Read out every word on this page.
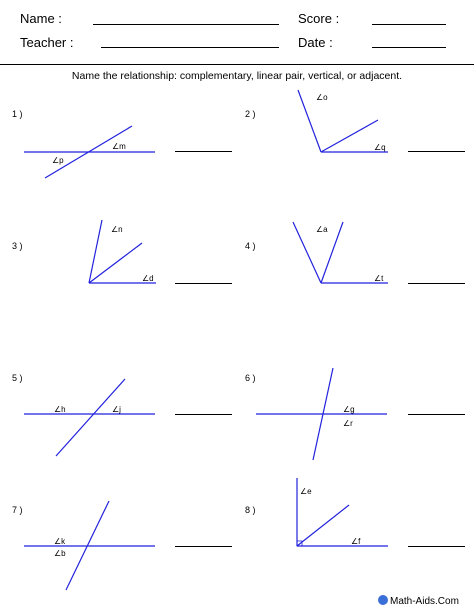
Name :	Score :
Teacher :	Date :
Name the relationship: complementary, linear pair, vertical, or adjacent.
1 )	2 )
3 )	4 )
5 )	6 )
7 )	8 )
∠m
∠p
∠o
∠q
∠n
∠d
∠a
∠t
∠h	∠j	∠g
∠r
∠k
∠b
∠e
∠f
Math-Aids.Com
